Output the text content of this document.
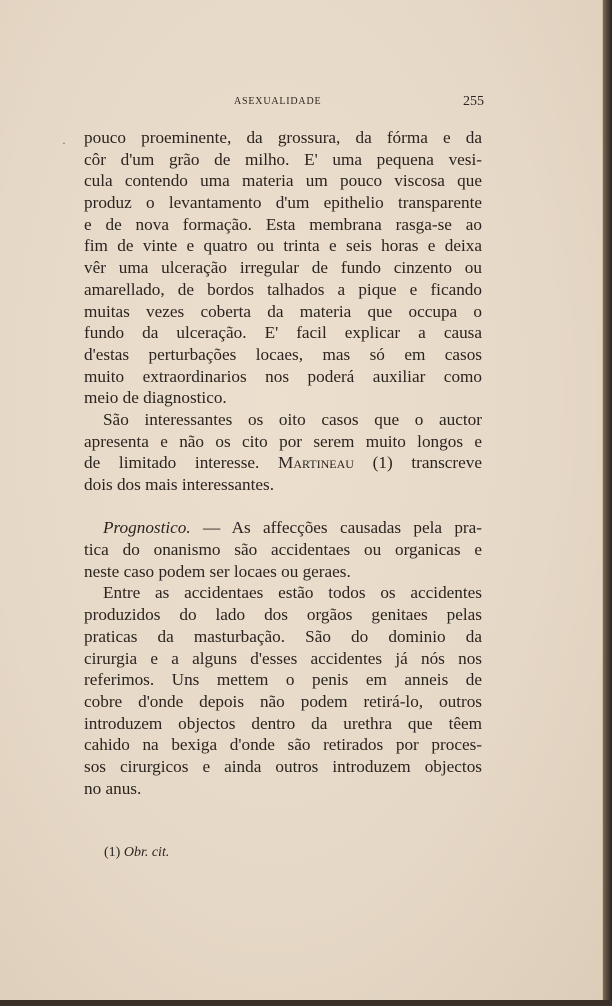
ASEXUALIDADE	255
· pouco proeminente, da grossura, da fórma e da
côr d'um grão de milho. E' uma pequena vesi-
cula contendo uma materia um pouco viscosa que
produz o levantamento d'um epithelio transparente
e de nova formação. Esta membrana rasga-se ao
fim de vinte e quatro ou trinta e seis horas e deixa
vêr uma ulceração irregular de fundo cinzento ou
amarellado, de bordos talhados a pique e ficando
muitas vezes coberta da materia que occupa o
fundo da ulceração. E' facil explicar a causa
d'estas perturbações locaes, mas só em casos
muito extraordinarios nos poderá auxiliar como
meio de diagnostico.
São interessantes os oito casos que o auctor
apresenta e não os cito por serem muito longos e
de limitado interesse. Martineau (1) transcreve
dois dos mais interessantes.
Prognostico. — As affecções causadas pela pra-
tica do onanismo são accidentaes ou organicas e
neste caso podem ser locaes ou geraes.
Entre as accidentaes estão todos os accidentes
produzidos do lado dos orgãos genitaes pelas
praticas da masturbação. São do dominio da
cirurgia e a alguns d'esses accidentes já nós nos
referimos. Uns mettem o penis em anneis de
cobre d'onde depois não podem retirá-lo, outros
introduzem objectos dentro da urethra que têem
cahido na bexiga d'onde são retirados por proces-
sos cirurgicos e ainda outros introduzem objectos
no anus.
(1) Obr. cit.
